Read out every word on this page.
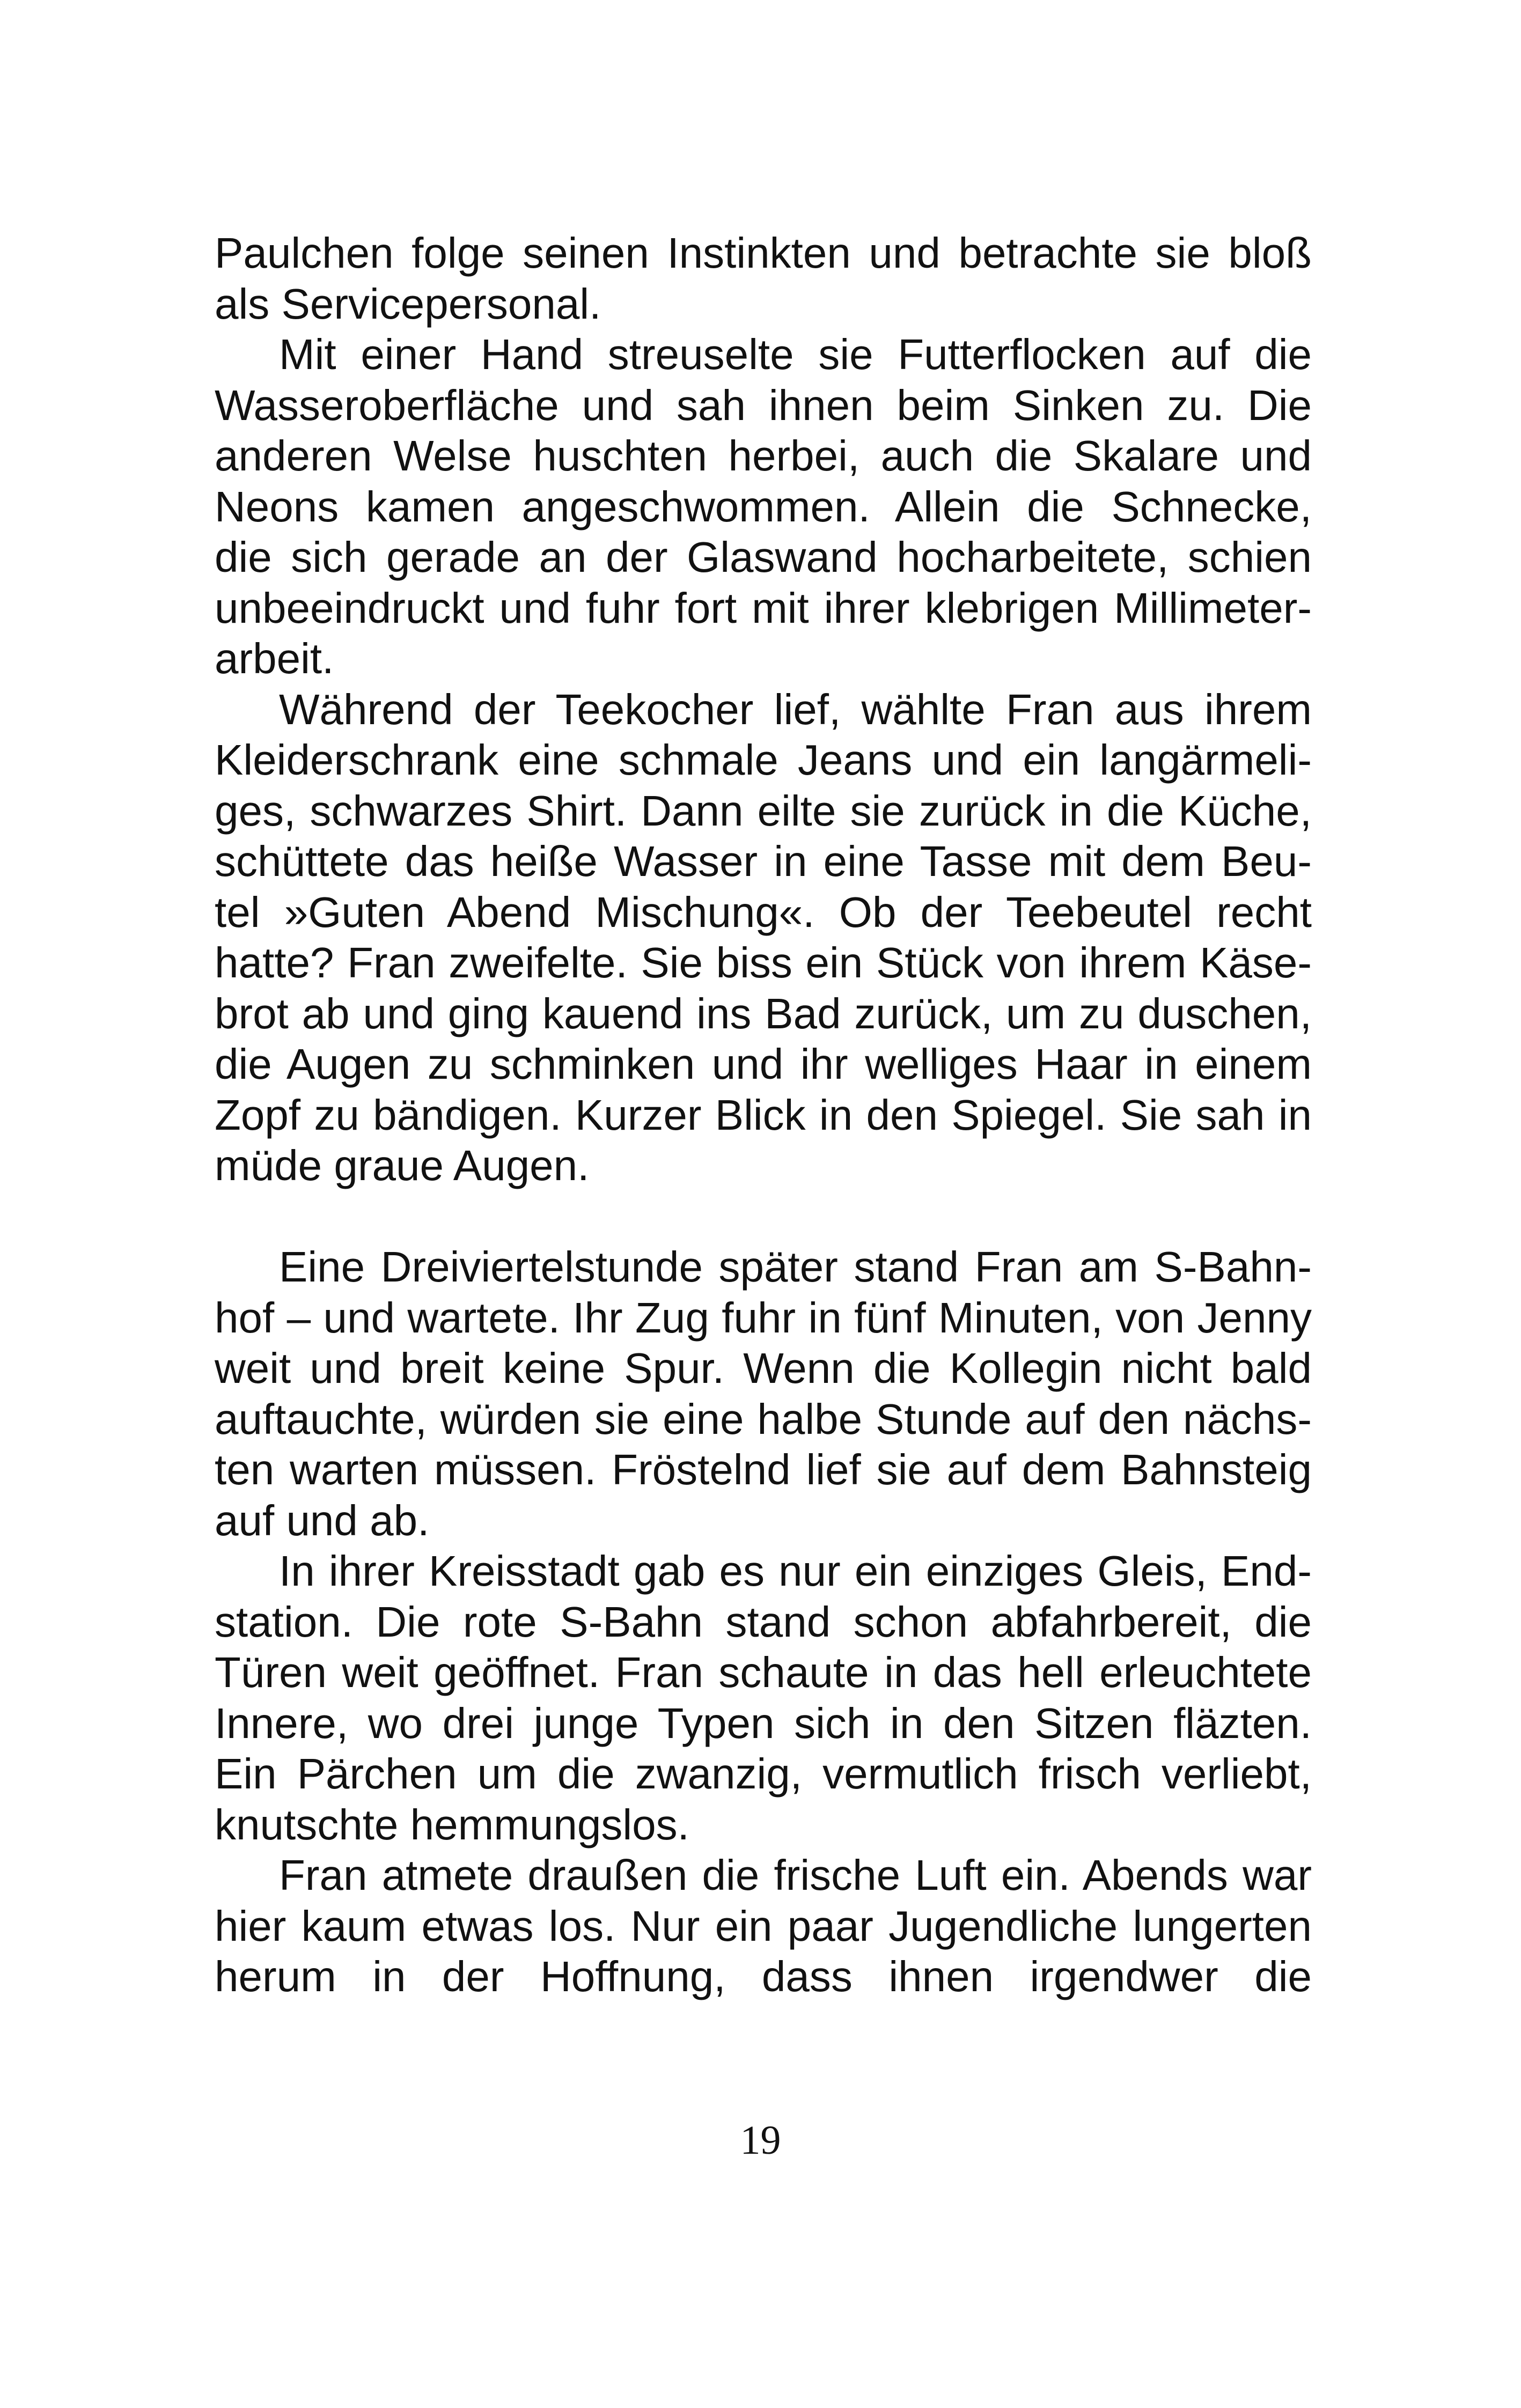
Paulchen folge seinen Instinkten und betrachte sie bloß
als Servicepersonal.
Mit einer Hand streuselte sie Futterflocken auf die
Wasseroberfläche und sah ihnen beim Sinken zu. Die
anderen Welse huschten herbei, auch die Skalare und
Neons kamen angeschwommen. Allein die Schnecke,
die sich gerade an der Glaswand hocharbeitete, schien
unbeeindruckt und fuhr fort mit ihrer klebrigen Millimeter-
arbeit.
Während der Teekocher lief, wählte Fran aus ihrem
Kleiderschrank eine schmale Jeans und ein langärmeli-
ges, schwarzes Shirt. Dann eilte sie zurück in die Küche,
schüttete das heiße Wasser in eine Tasse mit dem Beu-
tel »Guten Abend Mischung«. Ob der Teebeutel recht
hatte? Fran zweifelte. Sie biss ein Stück von ihrem Käse-
brot ab und ging kauend ins Bad zurück, um zu duschen,
die Augen zu schminken und ihr welliges Haar in einem
Zopf zu bändigen. Kurzer Blick in den Spiegel. Sie sah in
müde graue Augen.
Eine Dreiviertelstunde später stand Fran am S-Bahn-
hof – und wartete. Ihr Zug fuhr in fünf Minuten, von Jenny
weit und breit keine Spur. Wenn die Kollegin nicht bald
auftauchte, würden sie eine halbe Stunde auf den nächs-
ten warten müssen. Fröstelnd lief sie auf dem Bahnsteig
auf und ab.
In ihrer Kreisstadt gab es nur ein einziges Gleis, End-
station. Die rote S-Bahn stand schon abfahrbereit, die
Türen weit geöffnet. Fran schaute in das hell erleuchtete
Innere, wo drei junge Typen sich in den Sitzen fläzten.
Ein Pärchen um die zwanzig, vermutlich frisch verliebt,
knutschte hemmungslos.
Fran atmete draußen die frische Luft ein. Abends war
hier kaum etwas los. Nur ein paar Jugendliche lungerten
herum in der Hoffnung, dass ihnen irgendwer die
19
